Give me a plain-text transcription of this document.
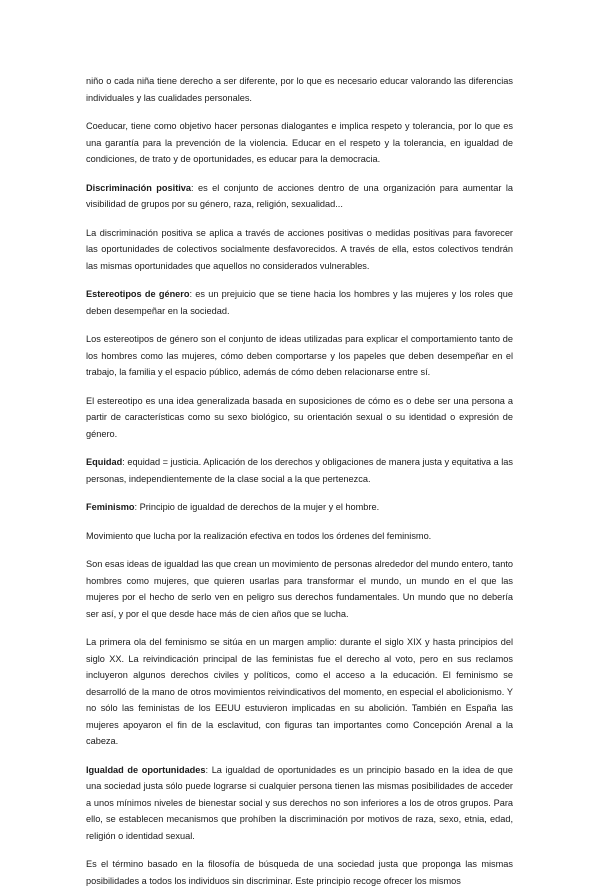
niño o cada niña tiene derecho a ser diferente, por lo que es necesario educar valorando las diferencias individuales y las cualidades personales.

Coeducar, tiene como objetivo hacer personas dialogantes e implica respeto y tolerancia, por lo que es una garantía para la prevención de la violencia. Educar en el respeto y la tolerancia, en igualdad de condiciones, de trato y de oportunidades, es educar para la democracia.

Discriminación positiva: es el conjunto de acciones dentro de una organización para aumentar la visibilidad de grupos por su género, raza, religión, sexualidad...

La discriminación positiva se aplica a través de acciones positivas o medidas positivas para favorecer las oportunidades de colectivos socialmente desfavorecidos. A través de ella, estos colectivos tendrán las mismas oportunidades que aquellos no considerados vulnerables.

Estereotipos de género: es un prejuicio que se tiene hacia los hombres y las mujeres y los roles que deben desempeñar en la sociedad.

Los estereotipos de género son el conjunto de ideas utilizadas para explicar el comportamiento tanto de los hombres como las mujeres, cómo deben comportarse y los papeles que deben desempeñar en el trabajo, la familia y el espacio público, además de cómo deben relacionarse entre sí.

El estereotipo es una idea generalizada basada en suposiciones de cómo es o debe ser una persona a partir de características como su sexo biológico, su orientación sexual o su identidad o expresión de género.

Equidad: equidad = justicia. Aplicación de los derechos y obligaciones de manera justa y equitativa a las personas, independientemente de la clase social a la que pertenezca.

Feminismo: Principio de igualdad de derechos de la mujer y el hombre.

Movimiento que lucha por la realización efectiva en todos los órdenes del feminismo.

Son esas ideas de igualdad las que crean un movimiento de personas alrededor del mundo entero, tanto hombres como mujeres, que quieren usarlas para transformar el mundo, un mundo en el que las mujeres por el hecho de serlo ven en peligro sus derechos fundamentales. Un mundo que no debería ser así, y por el que desde hace más de cien años que se lucha.

La primera ola del feminismo se sitúa en un margen amplio: durante el siglo XIX y hasta principios del siglo XX. La reivindicación principal de las feministas fue el derecho al voto, pero en sus reclamos incluyeron algunos derechos civiles y políticos, como el acceso a la educación. El feminismo se desarrolló de la mano de otros movimientos reivindicativos del momento, en especial el abolicionismo. Y no sólo las feministas de los EEUU estuvieron implicadas en su abolición. También en España las mujeres apoyaron el fin de la esclavitud, con figuras tan importantes como Concepción Arenal a la cabeza.

Igualdad de oportunidades: La igualdad de oportunidades es un principio basado en la idea de que una sociedad justa sólo puede lograrse si cualquier persona tienen las mismas posibilidades de acceder a unos mínimos niveles de bienestar social y sus derechos no son inferiores a los de otros grupos. Para ello, se establecen mecanismos que prohíben la discriminación por motivos de raza, sexo, etnia, edad, religión o identidad sexual.

Es el término basado en la filosofía de búsqueda de una sociedad justa que proponga las mismas posibilidades a todos los individuos sin discriminar. Este principio recoge ofrecer los mismos
